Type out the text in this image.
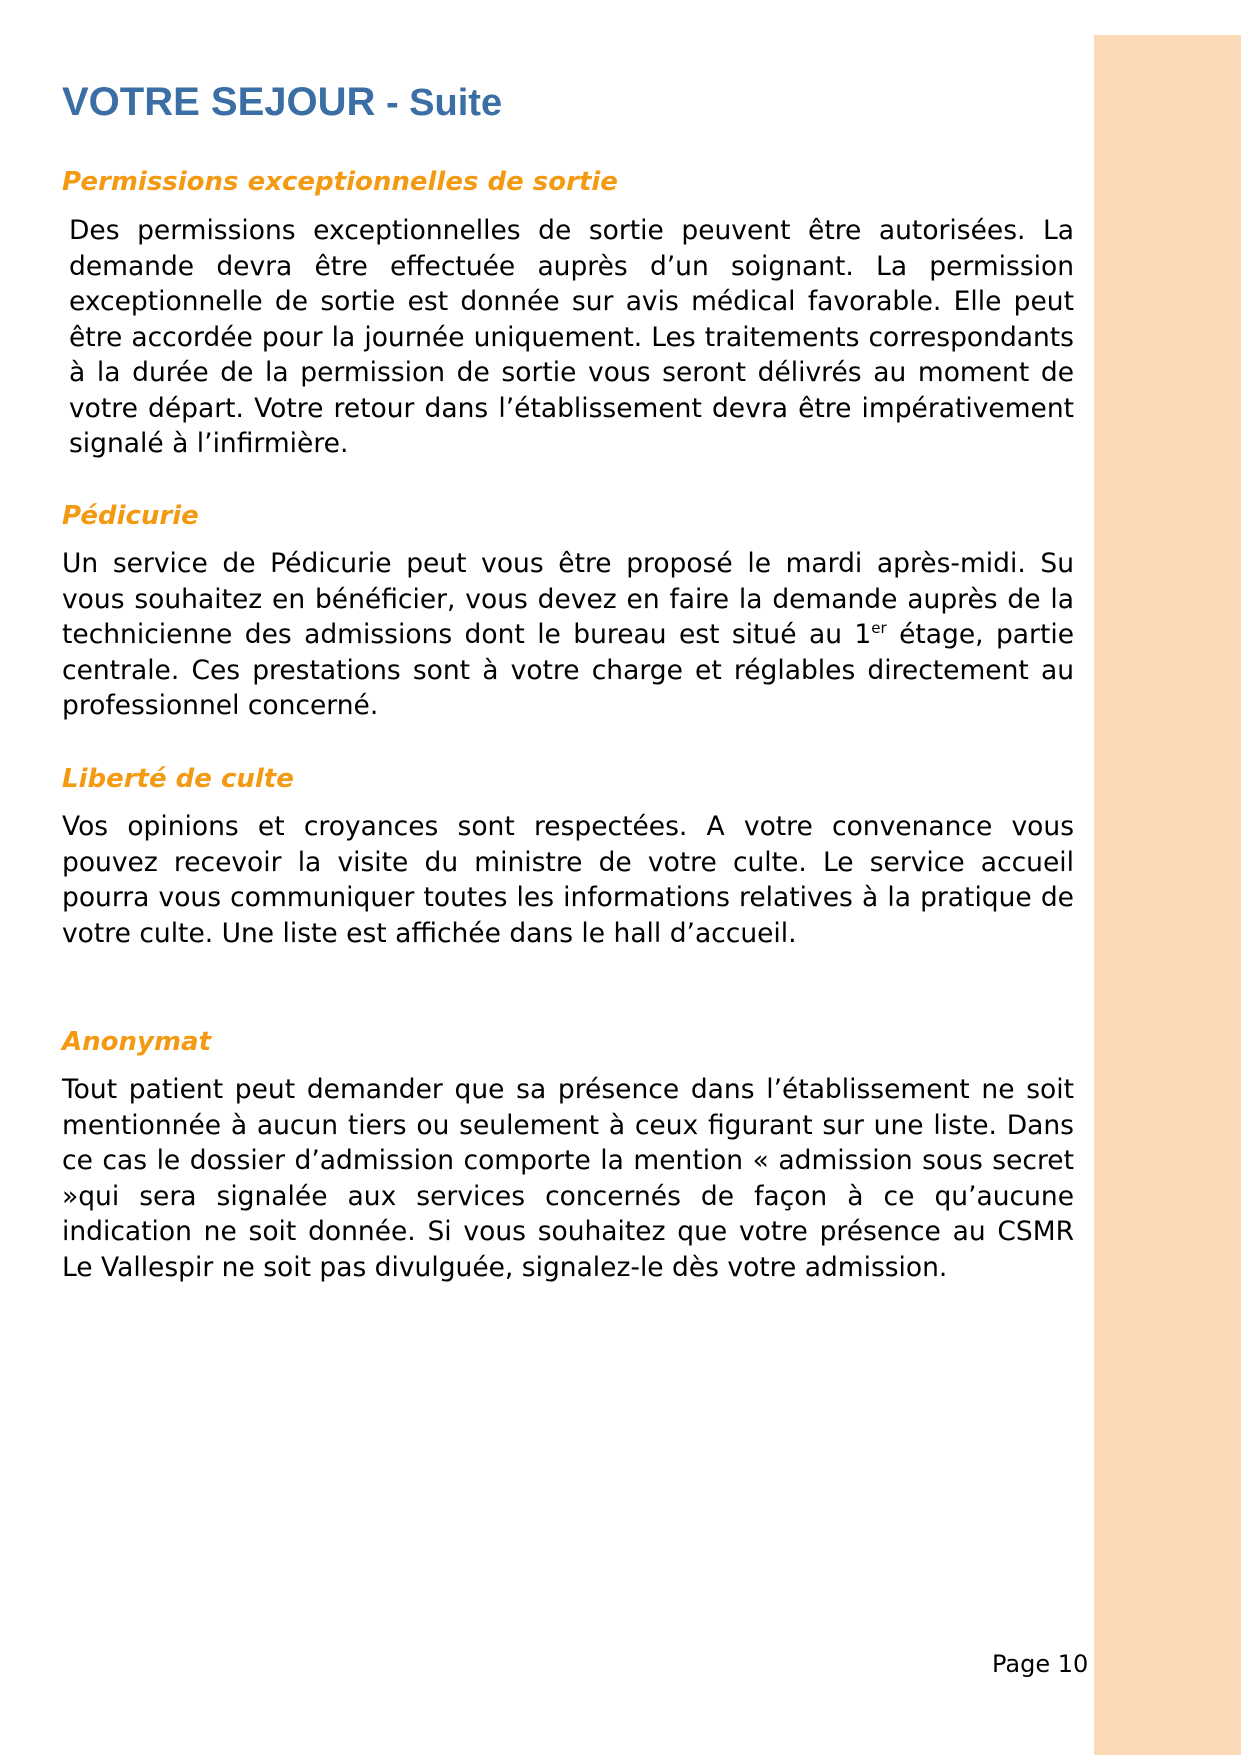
VOTRE SEJOUR - Suite
Permissions exceptionnelles de sortie

Des permissions exceptionnelles de sortie peuvent être autorisées. La demande devra être effectuée auprès d’un soignant. La permission exceptionnelle de sortie est donnée sur avis médical favorable. Elle peut être accordée pour la journée uniquement. Les traitements correspondants à la durée de la permission de sortie vous seront délivrés au moment de votre départ. Votre retour dans l’établissement devra être impérativement signalé à l’infirmière.

Pédicurie

Un service de Pédicurie peut vous être proposé le mardi après-midi. Su vous souhaitez en bénéficier, vous devez en faire la demande auprès de la technicienne des admissions dont le bureau est situé au 1er étage, partie centrale. Ces prestations sont à votre charge et réglables directement au professionnel concerné.

Liberté de culte

Vos opinions et croyances sont respectées. A votre convenance vous pouvez recevoir la visite du ministre de votre culte. Le service accueil pourra vous communiquer toutes les informations relatives à la pratique de votre culte. Une liste est affichée dans le hall d’accueil.

Anonymat

Tout patient peut demander que sa présence dans l’établissement ne soit mentionnée à aucun tiers ou seulement à ceux figurant sur une liste. Dans ce cas le dossier d’admission comporte la mention « admission sous secret »qui sera signalée aux services concernés de façon à ce qu’aucune indication ne soit donnée. Si vous souhaitez que votre présence au CSMR Le Vallespir ne soit pas divulguée, signalez-le dès votre admission.

Page 10
